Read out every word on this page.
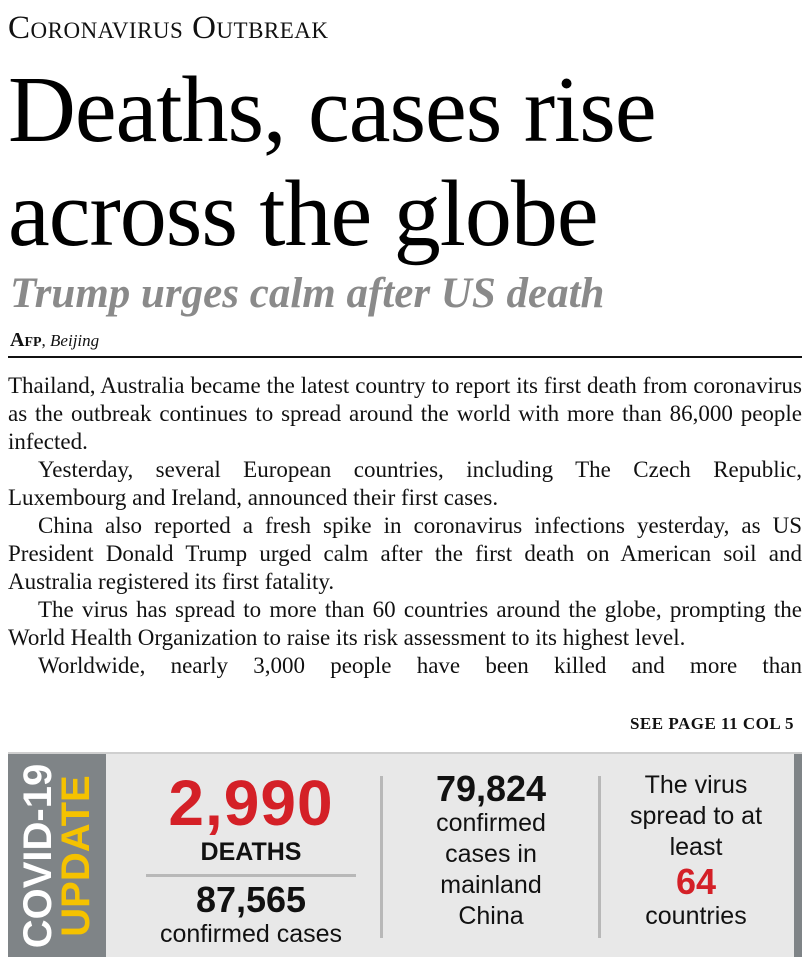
Coronavirus Outbreak
Deaths, cases rise across the globe
Trump urges calm after US death
Afp, Beijing

Thailand, Australia became the latest country to report its first death from coronavirus as the outbreak continues to spread around the world with more than 86,000 people infected.

Yesterday, several European countries, including The Czech Republic, Luxembourg and Ireland, announced their first cases.

China also reported a fresh spike in coronavirus infections yesterday, as US President Donald Trump urged calm after the first death on American soil and Australia registered its first fatality.

The virus has spread to more than 60 countries around the globe, prompting the World Health Organization to raise its risk assessment to its highest level.

Worldwide, nearly 3,000 people have been killed and more than

SEE PAGE 11 COL 5
COVID-19
UPDATE	2,990
DEATHS
87,565
confirmed cases
79,824
confirmed
cases in
mainland
China
The virus
spread to at
least
64
countries
